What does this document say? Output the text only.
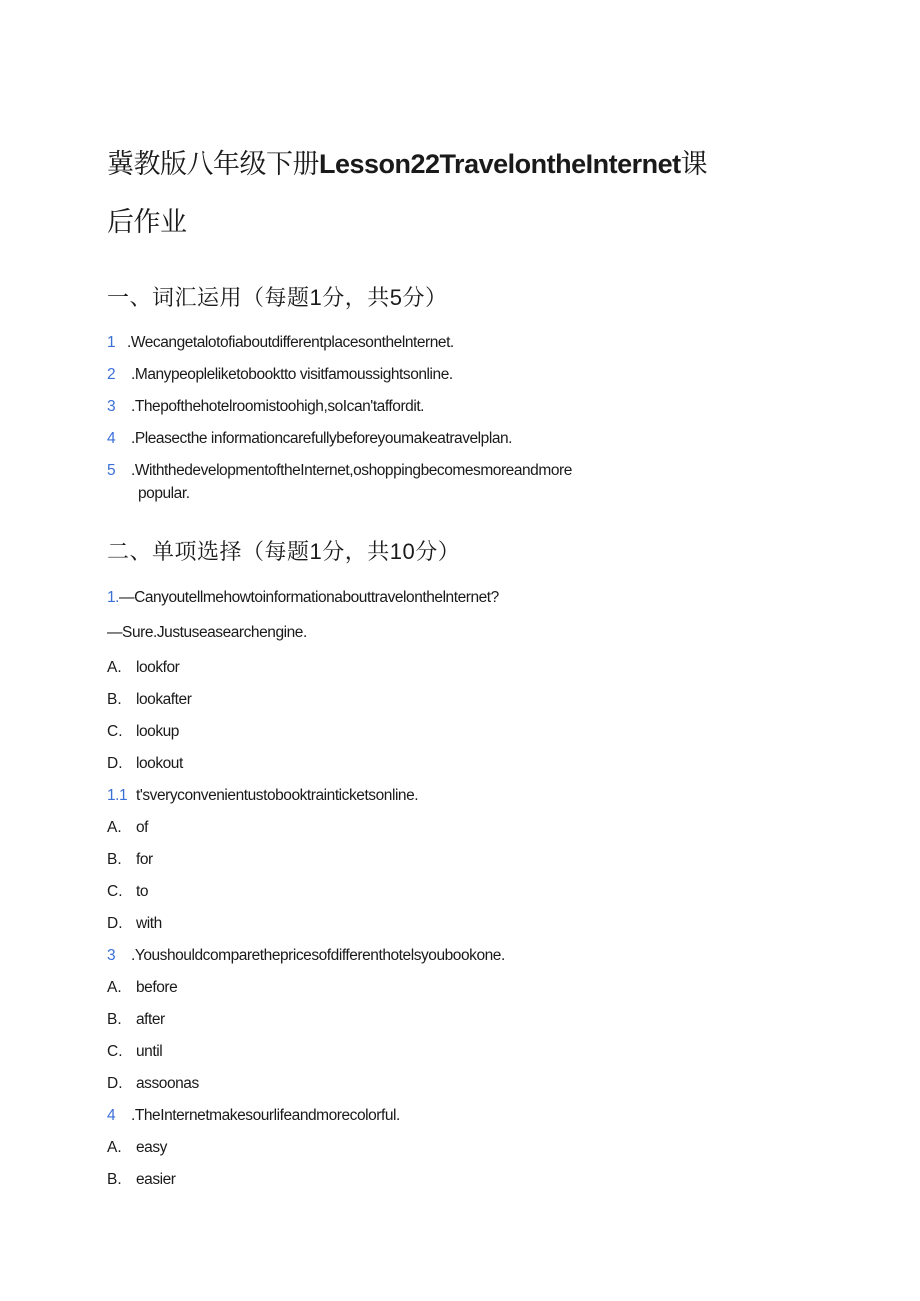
冀教版八年级下册Lesson22TravelontheInternet课
后作业
一、词汇运用（每题1分，共5分）
1 .Wecangetalotofiaboutdifferentplacesonthelnternet.
2 .Manypeopleliketobooktto visitfamoussightsonline.
3 .Thepofthehotelroomistoohigh,soIcan'taffordit.
4 .Pleasecthe informationcarefullybeforeyoumakeatravelplan.
5 .WiththedevelopmentoftheInternet,oshoppingbecomesmoreandmore
popular.
二、单项选择（每题1分，共10分）
1.—Canyoutellmehowtoinformationabouttravelonthelnternet?
—Sure.Justuseasearchengine.
A. lookfor
B. lookafter
C. lookup
D. lookout
1.1 t'sveryconvenientustobooktrainticketsonline.
A. of
B. for
C. to
D. with
3 .Youshouldcomparethepricesofdifferenthotelsyoubookone.
A. before
B. after
C. until
D. assoonas
4 .TheInternetmakesourlifeandmorecolorful.
A. easy
B. easier
